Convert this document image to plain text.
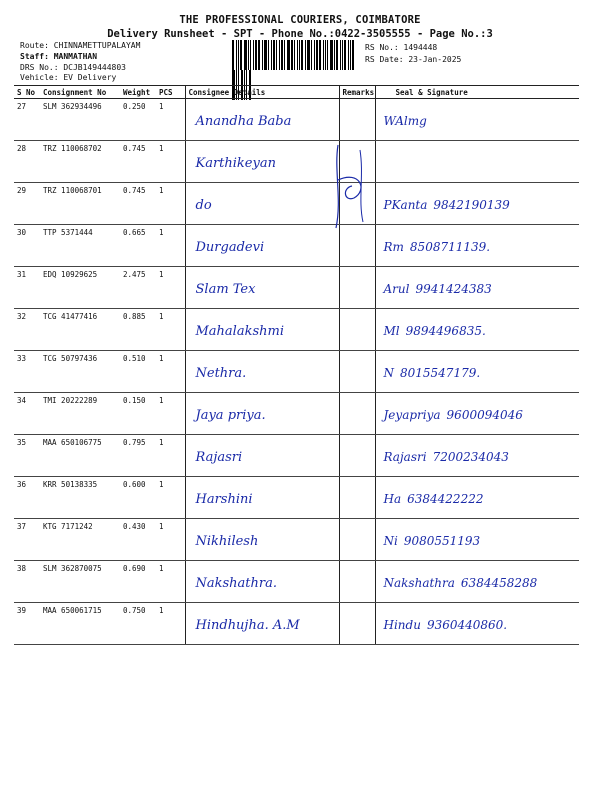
THE PROFESSIONAL COURIERS, COIMBATORE
Delivery Runsheet - SPT - Phone No.:0422-3505555 - Page No.:3
Route: CHINNAMETTUPALAYAM
Staff: MANMATHAN
DRS No.: DCJB149444803
Vehicle: EV Delivery
RS No.: 1494448
RS Date: 23-Jan-2025
S No	Consignment No	Weight	PCS	Consignee Details	Remarks	Seal & Signature
27	SLM 362934496	0.250	1	Anandha Baba		WAlmg
28	TRZ 110068702	0.745	1	Karthikeyan		
29	TRZ 110068701	0.745	1	do		PKanta 9842190139
30	TTP 5371444	0.665	1	Durgadevi		Rm 8508711139.
31	EDQ 10929625	2.475	1	Slam Tex		Arul 9941424383
32	TCG 41477416	0.885	1	Mahalakshmi		Ml 9894496835.
33	TCG 50797436	0.510	1	Nethra.		N 8015547179.
34	TMI 20222289	0.150	1	Jaya priya.		Jeyapriya 9600094046
35	MAA 650106775	0.795	1	Rajasri		Rajasri 7200234043
36	KRR 50138335	0.600	1	Harshini		Ha 6384422222
37	KTG 7171242	0.430	1	Nikhilesh		Ni 9080551193
38	SLM 362870075	0.690	1	Nakshathra.		Nakshathra 6384458288
39	MAA 650061715	0.750	1	Hindhujha. A.M		Hindu 9360440860.
